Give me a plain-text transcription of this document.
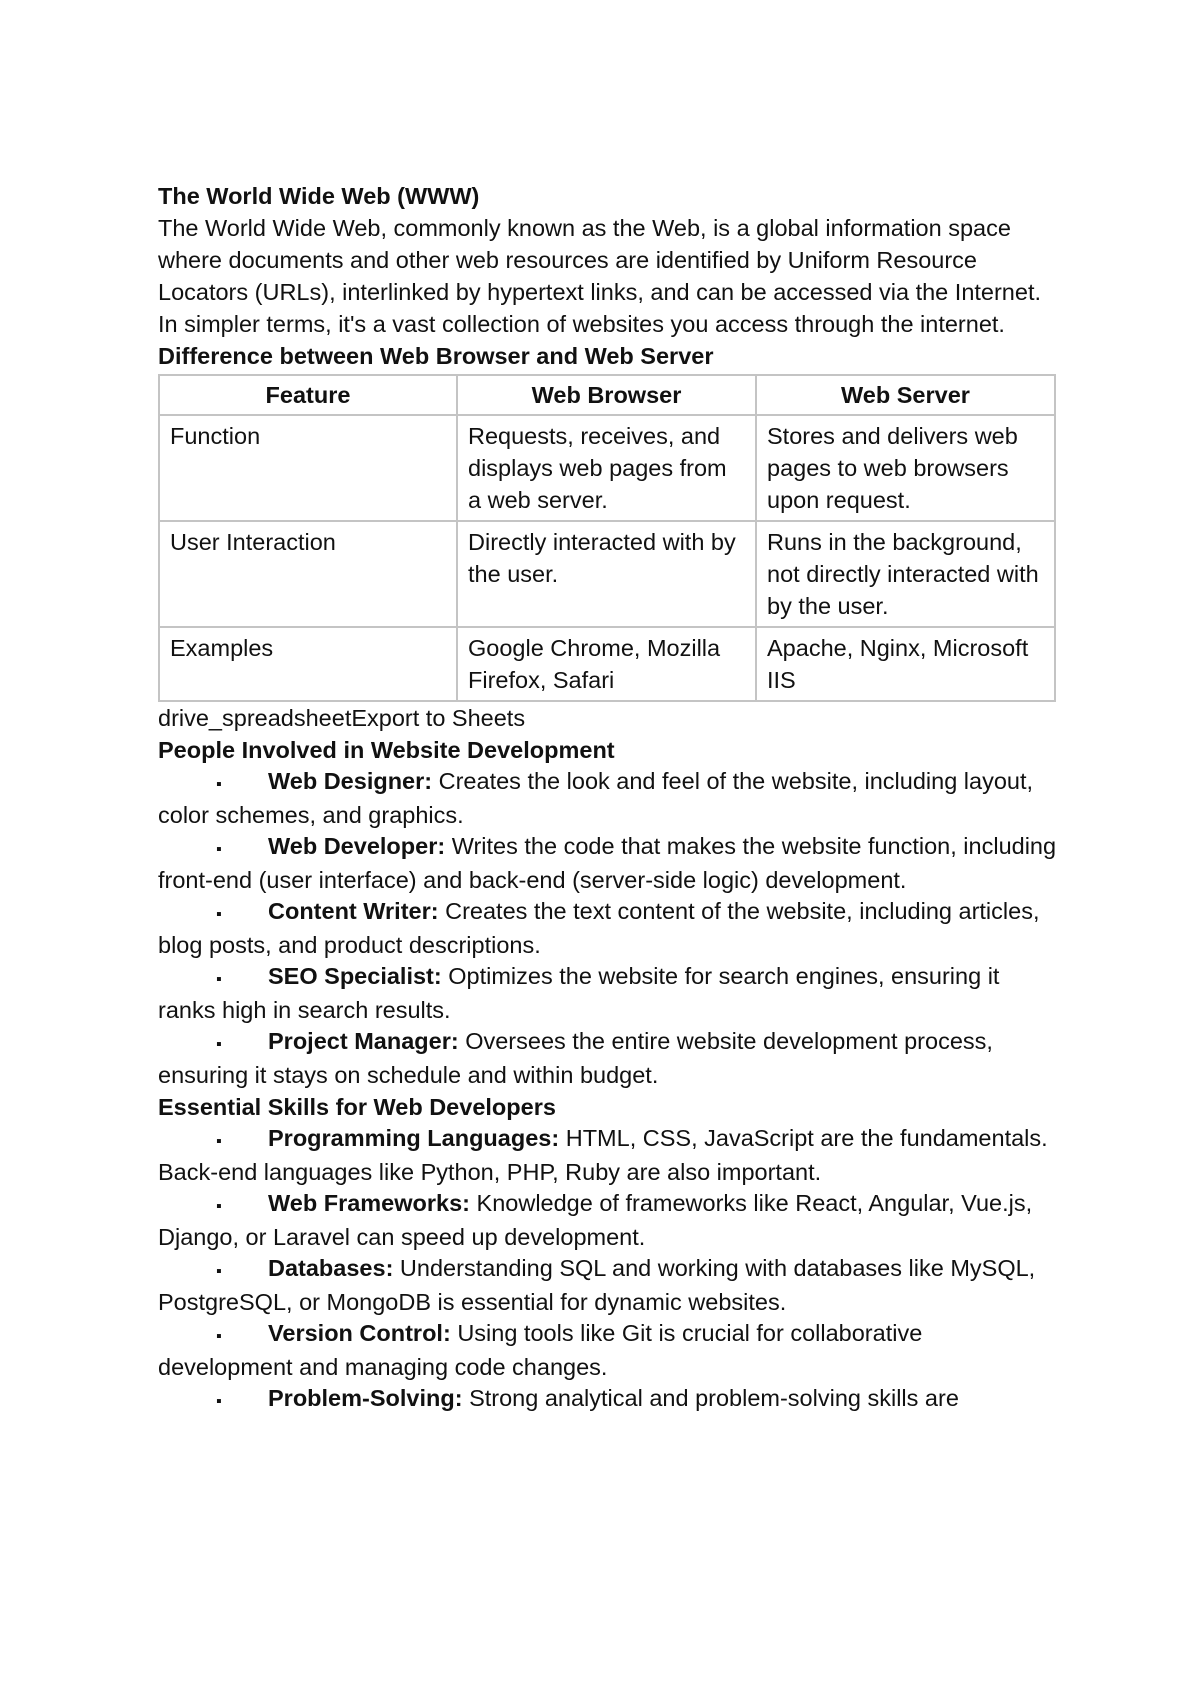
The World Wide Web (WWW)

The World Wide Web, commonly known as the Web, is a global information space where documents and other web resources are identified by Uniform Resource Locators (URLs), interlinked by hypertext links, and can be accessed via the Internet. In simpler terms, it's a vast collection of websites you access through the internet.

Difference between Web Browser and Web Server

Feature	Web Browser	Web Server
Function	Requests, receives, and displays web pages from a web server.	Stores and delivers web pages to web browsers upon request.
User Interaction	Directly interacted with by the user.	Runs in the background, not directly interacted with by the user.
Examples	Google Chrome, Mozilla Firefox, Safari	Apache, Nginx, Microsoft IIS

drive_spreadsheetExport to Sheets

People Involved in Website Development

▪ Web Designer: Creates the look and feel of the website, including layout, color schemes, and graphics.
▪ Web Developer: Writes the code that makes the website function, including front-end (user interface) and back-end (server-side logic) development.
▪ Content Writer: Creates the text content of the website, including articles, blog posts, and product descriptions.
▪ SEO Specialist: Optimizes the website for search engines, ensuring it ranks high in search results.
▪ Project Manager: Oversees the entire website development process, ensuring it stays on schedule and within budget.

Essential Skills for Web Developers

▪ Programming Languages: HTML, CSS, JavaScript are the fundamentals. Back-end languages like Python, PHP, Ruby are also important.
▪ Web Frameworks: Knowledge of frameworks like React, Angular, Vue.js, Django, or Laravel can speed up development.
▪ Databases: Understanding SQL and working with databases like MySQL, PostgreSQL, or MongoDB is essential for dynamic websites.
▪ Version Control: Using tools like Git is crucial for collaborative development and managing code changes.
▪ Problem-Solving: Strong analytical and problem-solving skills are
